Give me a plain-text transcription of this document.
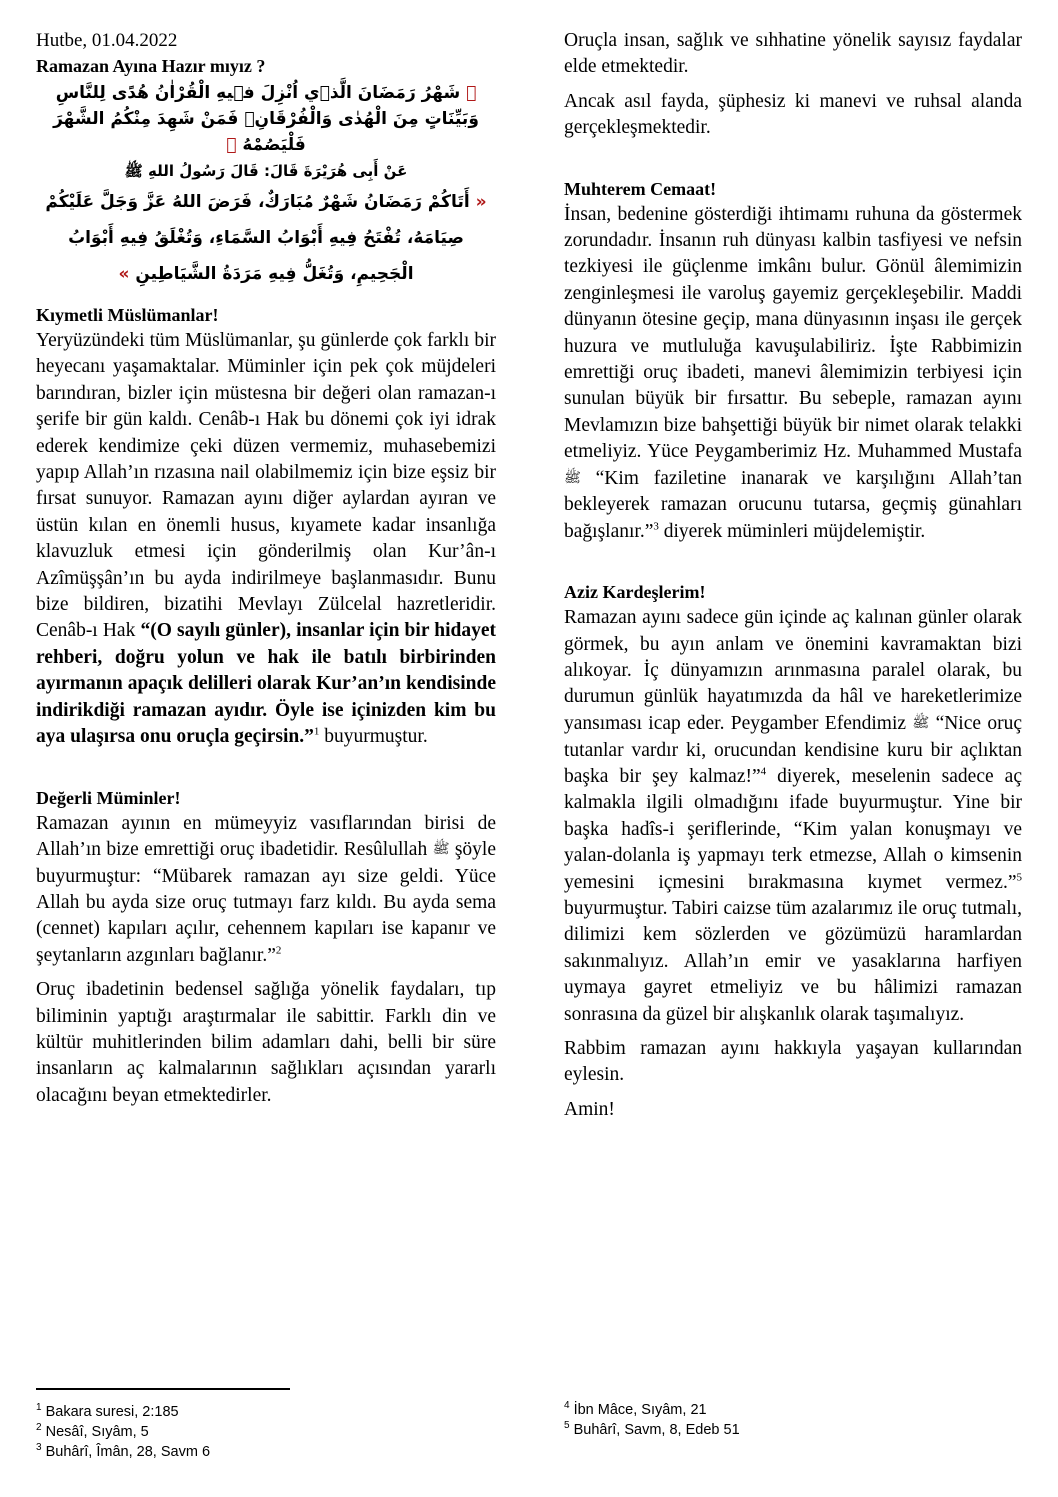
Hutbe, 01.04.2022
Ramazan Ayına Hazır mıyız ?
﴿ شَهْرُ رَمَضَانَ الَّذٖي اُنْزِلَ فٖيهِ الْقُرْاٰنُ هُدًى لِلنَّاسِ وَبَيِّنَاتٍ مِنَ الْهُدٰى وَالْفُرْقَانِۚ فَمَنْ شَهِدَ مِنْكُمُ الشَّهْرَ فَلْيَصُمْهُ ﴾
عَنْ أَبِى هُرَيْرَةَ قَالَ: قَالَ رَسُولُ اللهِ ﷺ
« أَتَاكُمْ رَمَضَانُ شَهْرٌ مُبَارَكٌ، فَرَضَ اللهُ عَزَّ وَجَلَّ عَلَيْكُمْ صِيَامَهُ، تُفْتَحُ فِيهِ أَبْوَابُ السَّمَاءِ، وَتُغْلَقُ فِيهِ أَبْوَابُ الْجَحِيمِ، وَتُغَلُّ فِيهِ مَرَدَةُ الشَّيَاطِينِ »
Kıymetli Müslümanlar!

Yeryüzündeki tüm Müslümanlar, şu günlerde çok farklı bir heyecanı yaşamaktalar. Müminler için pek çok müjdeleri barındıran, bizler için müstesna bir değeri olan ramazan-ı şerife bir gün kaldı. Cenâb-ı Hak bu dönemi çok iyi idrak ederek kendimize çeki düzen vermemiz, muhasebemizi yapıp Allah’ın rızasına nail olabilmemiz için bize eşsiz bir fırsat sunuyor. Ramazan ayını diğer aylardan ayıran ve üstün kılan en önemli husus, kıyamete kadar insanlığa klavuzluk etmesi için gönderilmiş olan Kur’ân-ı Azîmüşşân’ın bu ayda indirilmeye başlanmasıdır. Bunu bize bildiren, bizatihi Mevlayı Zülcelal hazretleridir. Cenâb-ı Hak “(O sayılı günler), insanlar için bir hidayet rehberi, doğru yolun ve hak ile batılı birbirinden ayırmanın apaçık delilleri olarak Kur’an’ın kendisinde indirikdiği ramazan ayıdır. Öyle ise içinizden kim bu aya ulaşırsa onu oruçla geçirsin.”$^1$ buyurmuştur.

Değerli Müminler!

Ramazan ayının en mümeyyiz vasıflarından birisi de Allah’ın bize emrettiği oruç ibadetidir. Resûlullah ﷺ şöyle buyurmuştur: “Mübarek ramazan ayı size geldi. Yüce Allah bu ayda size oruç tutmayı farz kıldı. Bu ayda sema (cennet) kapıları açılır, cehennem kapıları ise kapanır ve şeytanların azgınları bağlanır.”$^2$

Oruç ibadetinin bedensel sağlığa yönelik faydaları, tıp biliminin yaptığı araştırmalar ile sabittir. Farklı din ve kültür muhitlerinden bilim adamları dahi, belli bir süre insanların aç kalmalarının sağlıkları açısından yararlı olacağını beyan etmektedirler.

Oruçla insan, sağlık ve sıhhatine yönelik sayısız faydalar elde etmektedir.

Ancak asıl fayda, şüphesiz ki manevi ve ruhsal alanda gerçekleşmektedir.

Muhterem Cemaat!

İnsan, bedenine gösterdiği ihtimamı ruhuna da göstermek zorundadır. İnsanın ruh dünyası kalbin tasfiyesi ve nefsin tezkiyesi ile güçlenme imkânı bulur. Gönül âlemimizin zenginleşmesi ile varoluş gayemiz gerçekleşebilir. Maddi dünyanın ötesine geçip, mana dünyasının inşası ile gerçek huzura ve mutluluğa kavuşulabiliriz. İşte Rabbimizin emrettiği oruç ibadeti, manevi âlemimizin terbiyesi için sunulan büyük bir fırsattır. Bu sebeple, ramazan ayını Mevlamızın bize bahşettiği büyük bir nimet olarak telakki etmeliyiz. Yüce Peygamberimiz Hz. Muhammed Mustafa ﷺ “Kim faziletine inanarak ve karşılığını Allah’tan bekleyerek ramazan orucunu tutarsa, geçmiş günahları bağışlanır.”$^3$ diyerek müminleri müjdelemiştir.

Aziz Kardeşlerim!

Ramazan ayını sadece gün içinde aç kalınan günler olarak görmek, bu ayın anlam ve önemini kavramaktan bizi alıkoyar. İç dünyamızın arınmasına paralel olarak, bu durumun günlük hayatımızda da hâl ve hareketlerimize yansıması icap eder. Peygamber Efendimiz ﷺ “Nice oruç tutanlar vardır ki, orucundan kendisine kuru bir açlıktan başka bir şey kalmaz!”$^4$ diyerek, meselenin sadece aç kalmakla ilgili olmadığını ifade buyurmuştur. Yine bir başka hadîs-i şeriflerinde, “Kim yalan konuşmayı ve yalan-dolanla iş yapmayı terk etmezse, Allah o kimsenin yemesini içmesini bırakmasına kıymet vermez.”$^5$ buyurmuştur. Tabiri caizse tüm azalarımız ile oruç tutmalı, dilimizi kem sözlerden ve gözümüzü haramlardan sakınmalıyız. Allah’ın emir ve yasaklarına harfiyen uymaya gayret etmeliyiz ve bu hâlimizi ramazan sonrasına da güzel bir alışkanlık olarak taşımalıyız.

Rabbim ramazan ayını hakkıyla yaşayan kullarından eylesin.

Amin!

$^1$ Bakara suresi, 2:185
$^2$ Nesâî, Sıyâm, 5
$^3$ Buhârî, Îmân, 28, Savm 6
$^4$ İbn Mâce, Sıyâm, 21
$^5$ Buhârî, Savm, 8, Edeb 51
